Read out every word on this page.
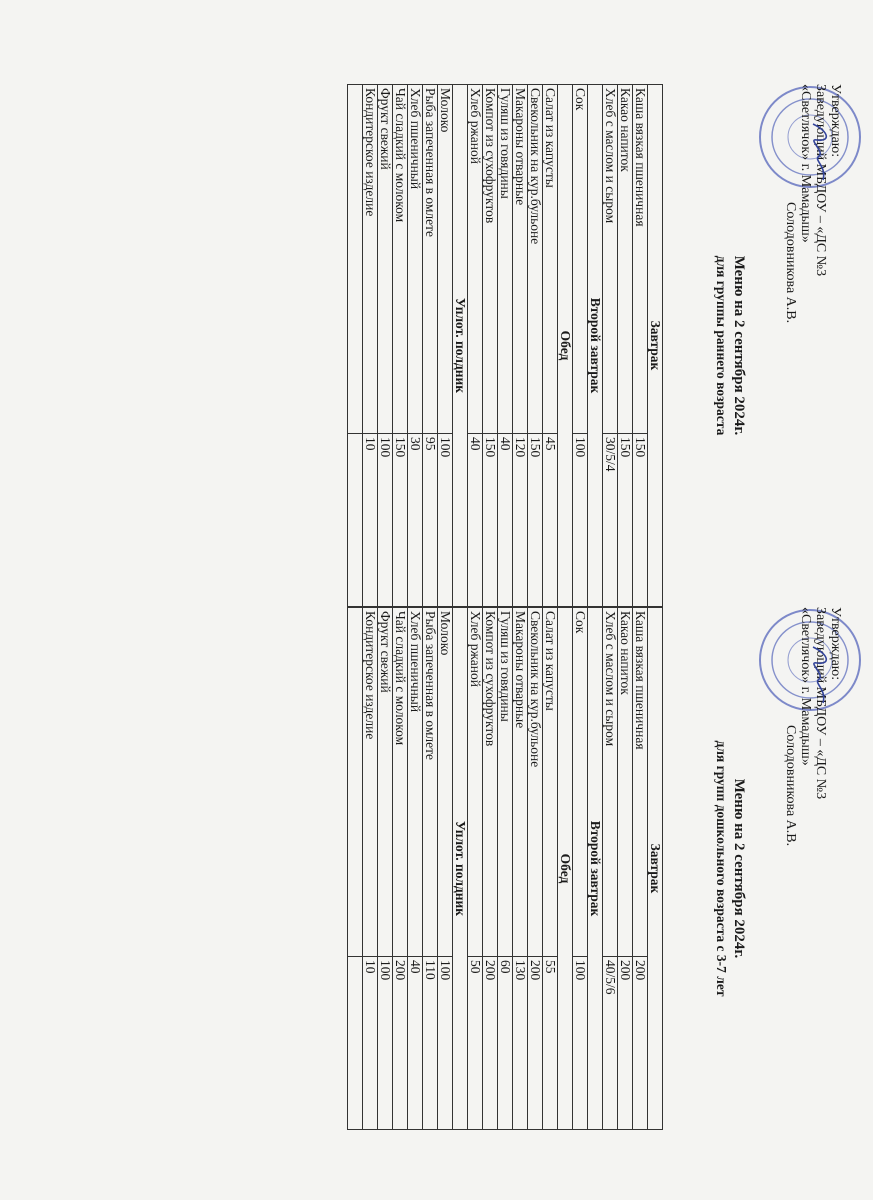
Утверждаю:
Заведующий МБДОУ – «ДС №3
«Светлячок» г. Мамадыш»
Солодовникова А.В.
Меню на 2 сентября 2024г.
для группы раннего возраста
Завтрак	
Каша вязкая пшеничная	150
Какао напиток	150
Хлеб с маслом и сыром	30/5/4
Второй завтрак	
Сок	100
Обед	
Салат из капусты	45
Свекольник на кур.бульоне	150
Макароны отварные	120
Гуляш из говядины	40
Компот из сухофруктов	150
Хлеб ржаной	40
Уплот. полдник	
Молоко	100
Рыба запеченная в омлете	95
Хлеб пшеничный	30
Чай сладкий с молоком	150
Фрукт свежий	100
Кондитерское изделие	10

Утверждаю:
Заведующий МБДОУ – «ДС №3
«Светлячок» г. Мамадыш»
Солодовникова А.В.
Меню на 2 сентября 2024г.
для групп дошкольного возраста с 3-7 лет
Завтрак	
Каша вязкая пшеничная	200
Какао напиток	200
Хлеб с маслом и сыром	40/5/6
Второй завтрак	
Сок	100
Обед	
Салат из капусты	55
Свекольник на кур.бульоне	200
Макароны отварные	130
Гуляш из говядины	60
Компот из сухофруктов	200
Хлеб ржаной	50
Уплот. полдник	
Молоко	100
Рыба запеченная в омлете	110
Хлеб пшеничный	40
Чай сладкий с молоком	200
Фрукт свежий	100
Кондитерское изделие	10
